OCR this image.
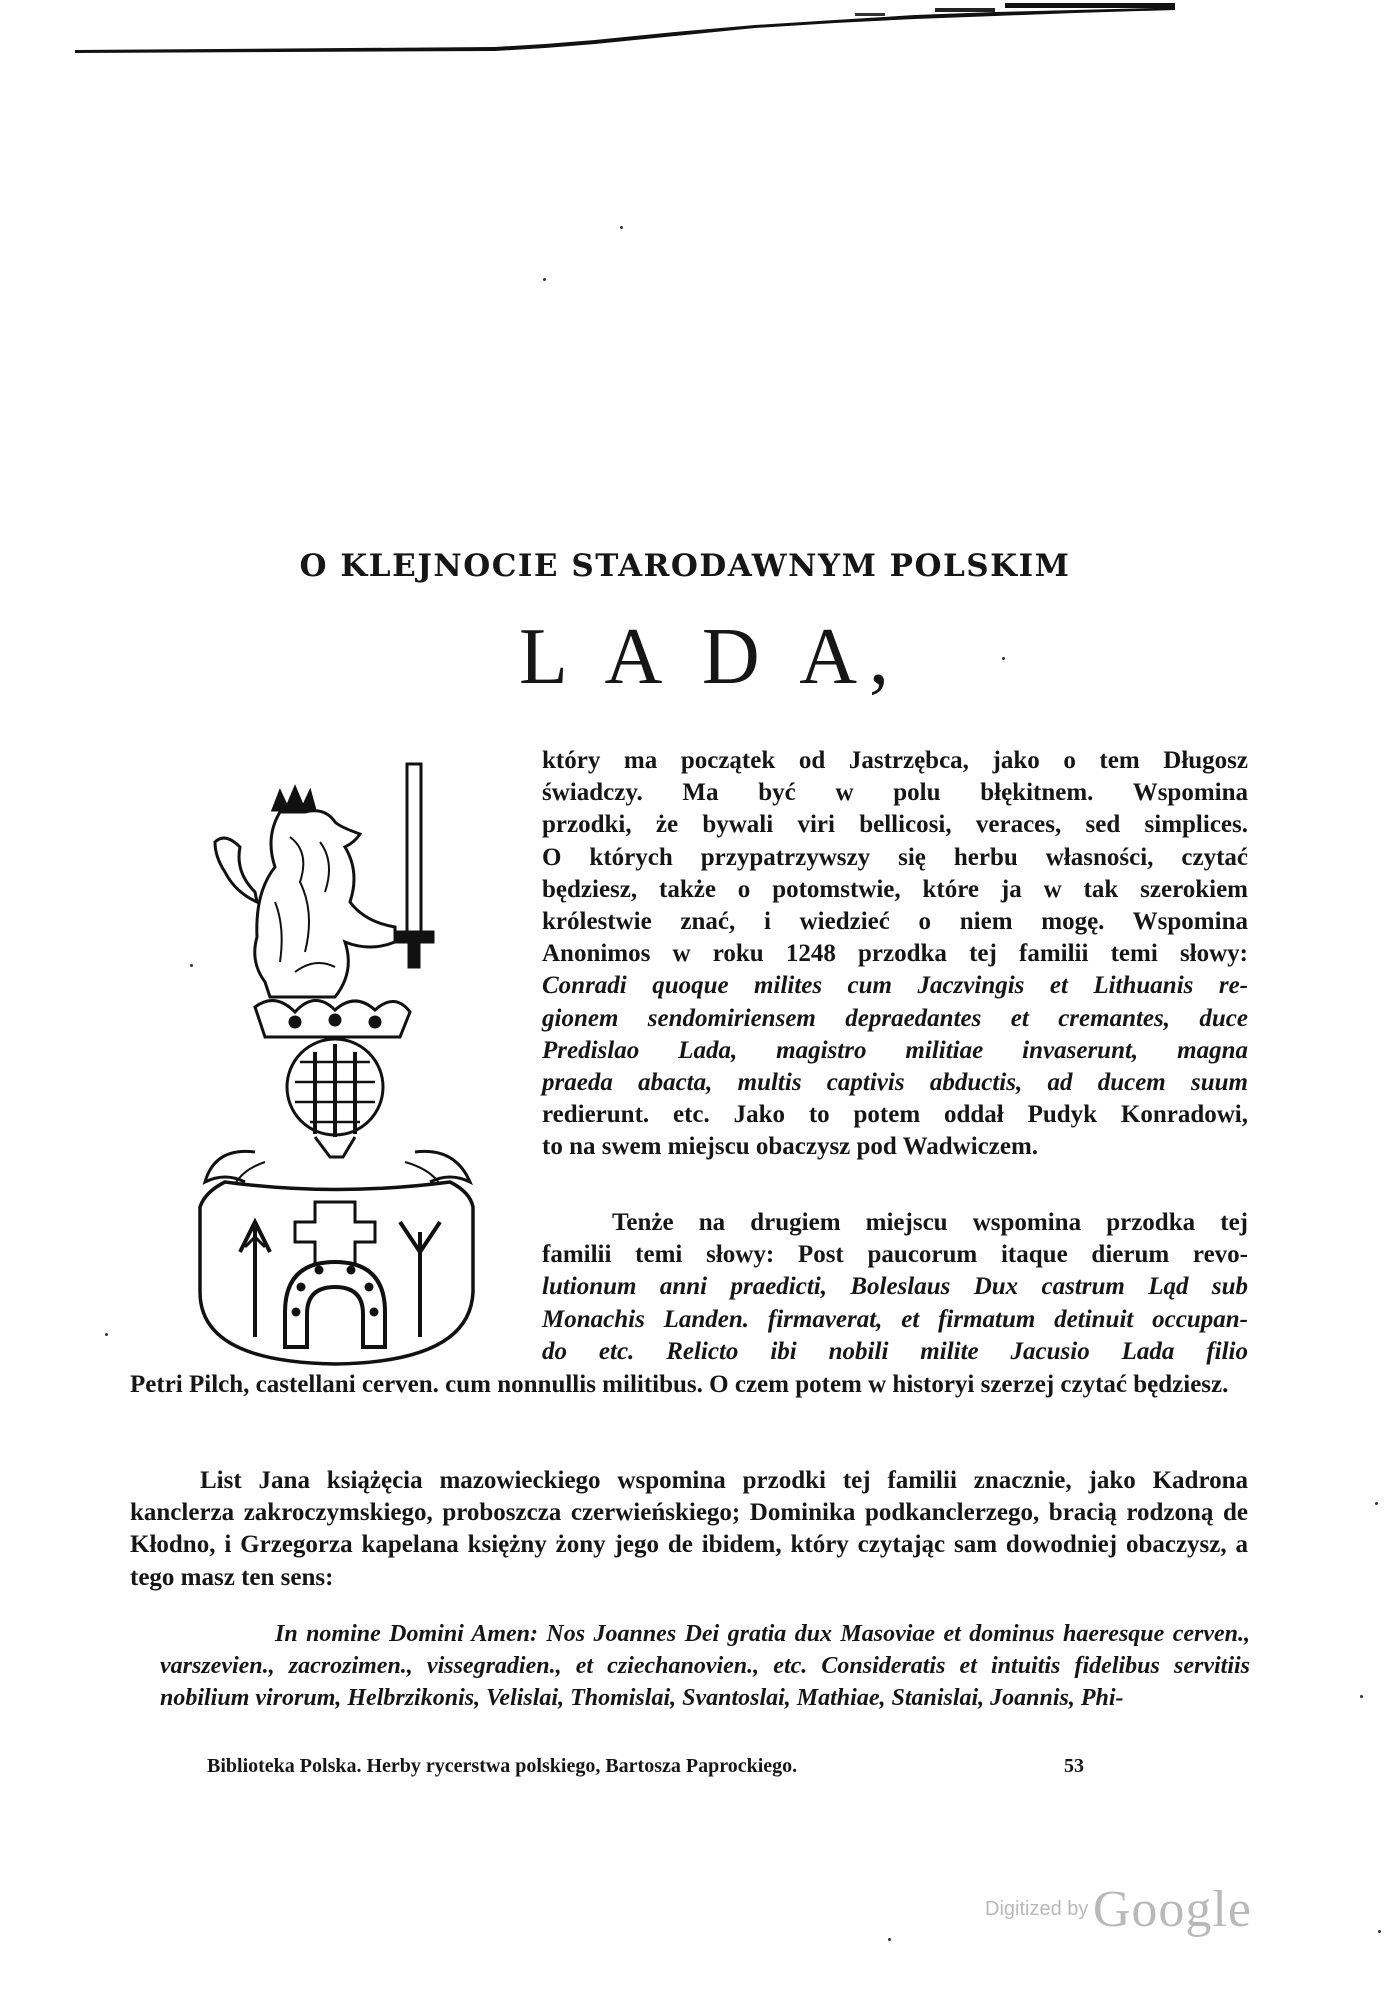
O KLEJNOCIE STARODAWNYM POLSKIM
L A D A,

który ma początek od Jastrzębca, jako o tem Długosz
świadczy. Ma być w polu błękitnem. Wspomina
przodki, że bywali viri bellicosi, veraces, sed simplices.
O których przypatrzywszy się herbu własności, czytać
będziesz, także o potomstwie, które ja w tak szerokiem
królestwie znać, i wiedzieć o niem mogę. Wspomina
Anonimos w roku 1248 przodka tej familii temi słowy:
Conradi quoque milites cum Jaczvingis et Lithuanis re-
gionem sendomiriensem depraedantes et cremantes, duce
Predislao Lada, magistro militiae invaserunt, magna
praeda abacta, multis captivis abductis, ad ducem suum
redierunt. etc. Jako to potem oddał Pudyk Konradowi,
to na swem miejscu obaczysz pod Wadwiczem.

Tenże na drugiem miejscu wspomina przodka tej
familii temi słowy: Post paucorum itaque dierum revo-
lutionum anni praedicti, Boleslaus Dux castrum Ląd sub
Monachis Landen. firmaverat, et firmatum detinuit occupan-
do etc. Relicto ibi nobili milite Jacusio Lada filio

Petri Pilch, castellani cerven. cum nonnullis militibus. O czem potem w historyi szerzej czytać będziesz.

List Jana książęcia mazowieckiego wspomina przodki tej familii znacznie, jako Kadrona kanclerza zakroczymskiego, proboszcza czerwieńskiego; Dominika podkanclerzego, bracią rodzoną de Kłodno, i Grzegorza kapelana księżny żony jego de ibidem, który czytając sam dowodniej obaczysz, a tego masz ten sens:

In nomine Domini Amen: Nos Joannes Dei gratia dux Masoviae et dominus haeresque cerven., varszevien., zacrozimen., vissegradien., et cziechanovien., etc. Consideratis et intuitis fidelibus servitiis nobilium virorum, Helbrzikonis, Velislai, Thomislai, Svantoslai, Mathiae, Stanislai, Joannis, Phi-

Biblioteka Polska. Herby rycerstwa polskiego, Bartosza Paprockiego.	53
Digitized by Google
